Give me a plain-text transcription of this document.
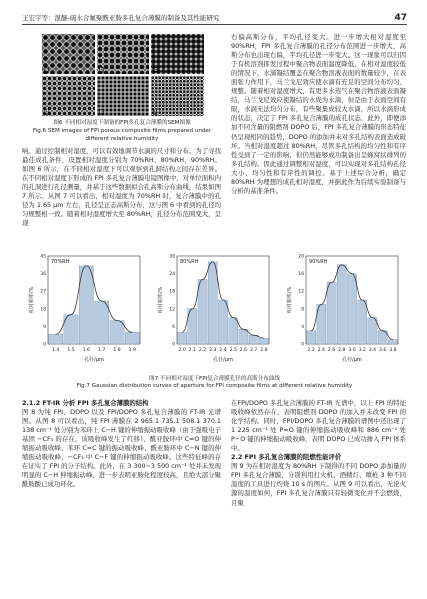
王宏宇等：混醚-硫水合氟聚酰亚胺多孔复合薄膜的制备及其性能研究	47
a	b	c
d	e	f
图6 不同相对湿度下制备的FPI多孔复合薄膜的SEM图像
Fig.6 SEM images of FPI porous composite films prepared under different relative humidity
响。通过控制相对湿度，可以有效地调节水滴的尺寸和分布。为了寻找最佳成孔条件，设置相对湿度分别为 70%RH、80%RH、90%RH。如图 6 所示，在不同相对湿度下可以观察到孔洞结构之间存在差异。在不同相对湿度下形成的 FPI 多孔复合薄膜电镜图像中，对单位面积内的孔洞进行孔径测量，并基于这些数据拟合孔高斯分布曲线，结果如图 7 所示。从图 7 可以看出，相对湿度为 70%RH 时，复合薄膜中的孔径为 1.65 μm 左右，孔径呈正态高斯分布，这与图 6 中看到的孔径均匀规整相一致。随着相对湿度增大至 80%RH，孔径分布范围变大，呈现
右偏高斯分布，平均孔径变大。进一步增大相对湿度至 90%RH，FPI 多孔复合薄膜的孔径分布范围进一步增大，高斯分布也出现右偏，平均孔径进一步变大。这一现象可以归因于有机溶剂挥发过程中聚合物表面温度降低，在相对湿度较低的情况下，水滴凝结覆盖在聚合物溶液表面的数量较少，在表面张力作用下，马兰戈尼效应使水滴有充足的空间分布均匀、规整。随着相对湿度增大，有更多水蒸气在聚合物溶液表面凝结，马兰戈尼效应使凝结的水成为水滴，但是由于表面空间有限，水滴无法均匀分布，有些聚集成较大水滴，所以水滴形成的状态，决定了 FPI 多孔复合薄膜的成孔状态，此外，即便添加不同含量的阻燃剂 DOPO 后，FPI 多孔复合薄膜的形态特征仍呈现相同的趋势，DOPO 的添加并未对多孔结构表面造成破坏。当相对湿度超过 80%RH，尽管多孔结构的均匀性和有序性受到了一定的影响，但仍然能够成功制备出呈蜂窝状排列的多孔结构。因此通过调整相对湿度，可以实现对多孔结构孔径大小、均匀性和有序性的调控。基于上述综合分析，确定 80%RH 为理想的成孔相对湿度，并据此作为后续实验制备与分析的基准条件。
1.4 1.5 1.6 1.7 1.8 1.9
0
9
18
27
36
45
孔径/μm
相对频率/%
70%RH
2.0 2.1 2.2 2.3 2.4 2.5 2.6 2.7 2.8
0
6
12
18
24
30
孔径/μm
相对频率/%
80%RH
2.2 2.4 2.6 2.8 3.0 3.2 3.4 3.6 3.8
0
4
8
12
16
20
孔径/μm
相对频率/%
90%RH
图7 不同相对湿度下FPI复合薄膜孔径的高斯分布曲线
Fig.7 Gaussian distribution curves of aperture for FPI composite films at different relative humidity
2.1.2 FT-IR 分析 FPI 多孔复合薄膜的结构
图 8 为纯 FPI、DOPO 以及 FPI/DOPO 多孔复合薄膜的 FT-IR 光谱图。从图 8 可以看出，纯 FPI 薄膜在 2 965.1 735.1 508.1 370.1 138 cm⁻¹ 处分别为苯环上 C−H 键的伸缩振动吸收峰（由于强吸电子基团 −CF₃ 的存在，该吸收峰发生了红移）、酰亚胺环中 C=O 键的伸缩振动吸收峰、苯环 C=C 键的振动吸收峰、酰亚胺环中 C−N 键的伸缩振动吸收峰，−CF₃ 中 C−F 键的伸缩振动吸收峰。这些特征峰的存在证实了 FPI 的分子结构。此外，在 3 300~3 500 cm⁻¹ 处并未发现明显的 C−H 伸缩振动峰，进一步表明亚胺化程度较高，且绝大部分聚酰胺酸已成功环化。
在FPI/DOPO 多孔复合薄膜的 FT-IR 光谱中，以上 FPI 的特征吸收峰依然存在，表明阻燃剂 DOPO 的加入并未改变 FPI 的化学结构。同时，FPI/DOPO 多孔复合薄膜的谱图中还出现了 1 225 cm⁻¹ 处 P=O 键的伸缩振动吸收峰和 886 cm⁻¹ 处 P−O 键的伸缩振动吸收峰，表明 DOPO 已成功掺入 FPI 体系中。
2.2 FPI 多孔复合薄膜的阻燃性能评价
图 9 为在相对湿度为 80%RH 下制得的不同 DOPO 添加量的 FPI 多孔复合薄膜，分别利用打火机、酒精灯、喷枪 3 种不同温度的工具进行灼烧 10 s 的图片。从图 9 可以看出，无论火源的温度如何，FPI 多孔复合薄膜只有轻微变化并不会燃烧，且聚
